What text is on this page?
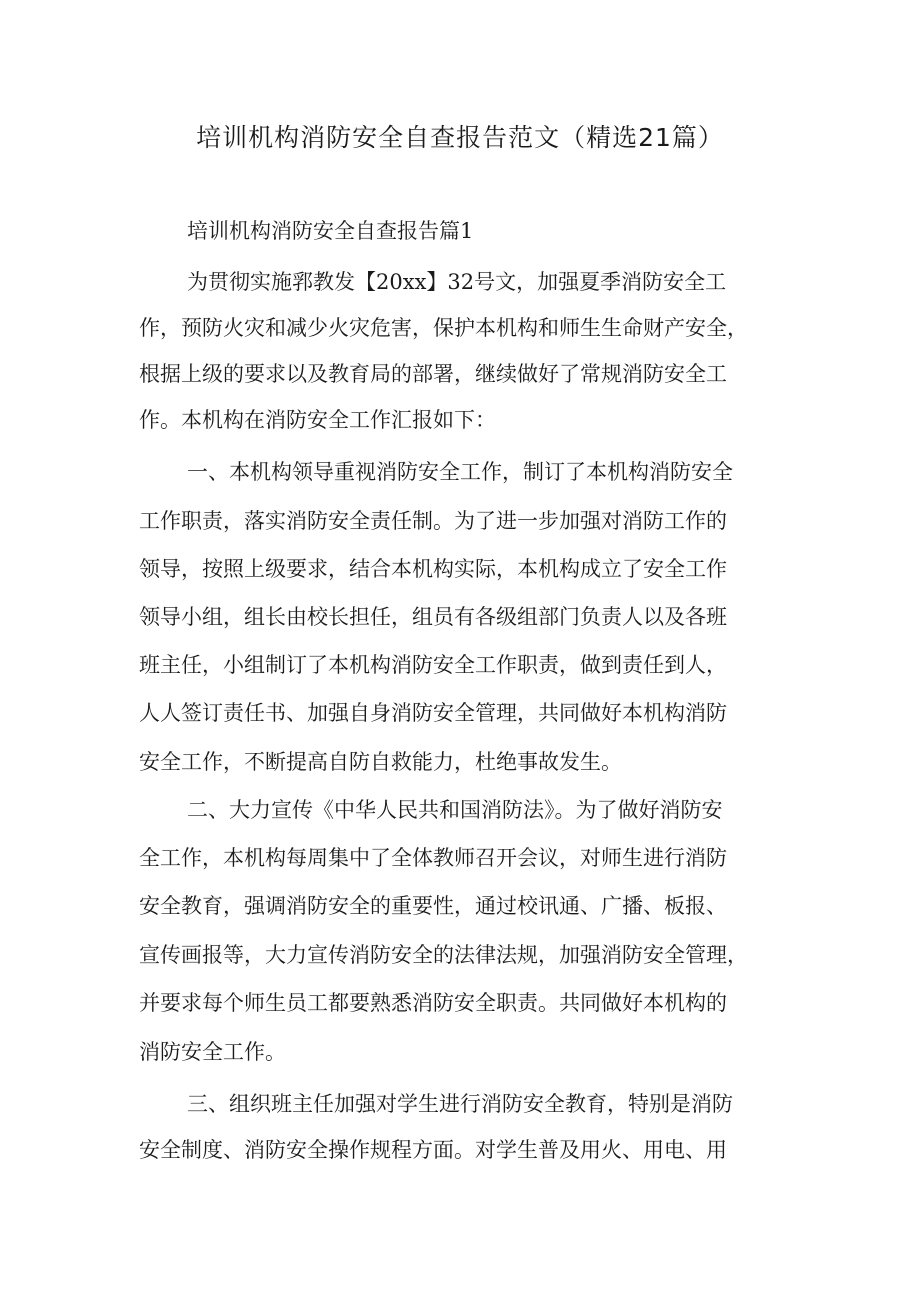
培训机构消防安全自查报告范文（精选21篇）
培训机构消防安全自查报告篇1

为贯彻实施郛教发【20xx】32号文，加强夏季消防安全工

作，预防火灾和减少火灾危害，保护本机构和师生生命财产安全，

根据上级的要求以及教育局的部署，继续做好了常规消防安全工

作。本机构在消防安全工作汇报如下：

一、本机构领导重视消防安全工作，制订了本机构消防安全

工作职责，落实消防安全责任制。为了进一步加强对消防工作的

领导，按照上级要求，结合本机构实际，本机构成立了安全工作

领导小组，组长由校长担任，组员有各级组部门负责人以及各班

班主任，小组制订了本机构消防安全工作职责，做到责任到人，

人人签订责任书、加强自身消防安全管理，共同做好本机构消防

安全工作，不断提高自防自救能力，杜绝事故发生。

二、大力宣传《中华人民共和国消防法》。为了做好消防安

全工作，本机构每周集中了全体教师召开会议，对师生进行消防

安全教育，强调消防安全的重要性，通过校讯通、广播、板报、

宣传画报等，大力宣传消防安全的法律法规，加强消防安全管理，

并要求每个师生员工都要熟悉消防安全职责。共同做好本机构的

消防安全工作。

三、组织班主任加强对学生进行消防安全教育，特别是消防

安全制度、消防安全操作规程方面。对学生普及用火、用电、用
